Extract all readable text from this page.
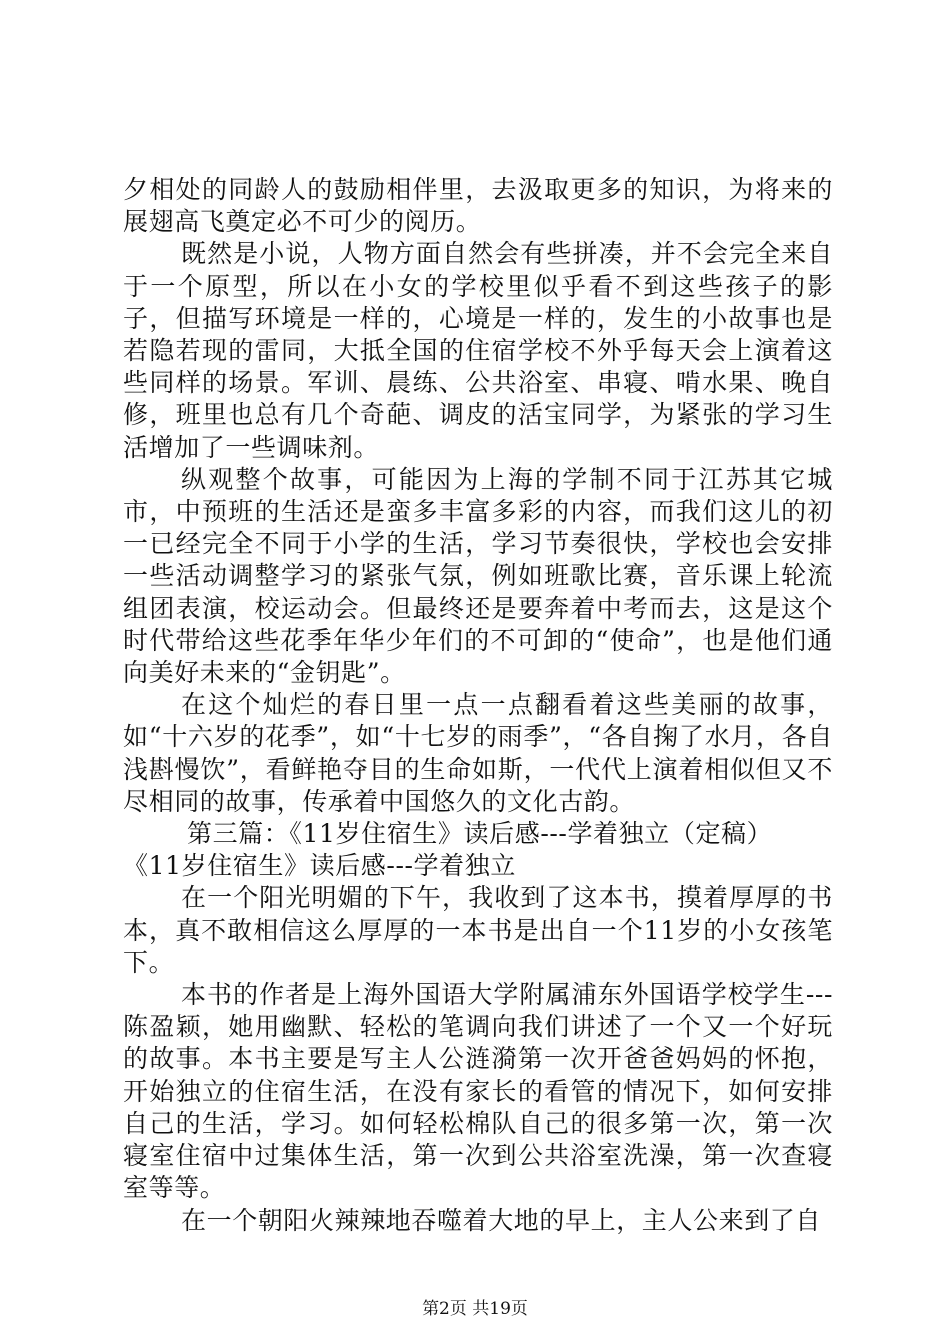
夕相处的同龄人的鼓励相伴里，去汲取更多的知识，为将来的展翅高飞奠定必不可少的阅历。

既然是小说，人物方面自然会有些拼凑，并不会完全来自于一个原型，所以在小女的学校里似乎看不到这些孩子的影子，但描写环境是一样的，心境是一样的，发生的小故事也是若隐若现的雷同，大抵全国的住宿学校不外乎每天会上演着这些同样的场景。军训、晨练、公共浴室、串寝、啃水果、晚自修，班里也总有几个奇葩、调皮的活宝同学，为紧张的学习生活增加了一些调味剂。

纵观整个故事，可能因为上海的学制不同于江苏其它城市，中预班的生活还是蛮多丰富多彩的内容，而我们这儿的初一已经完全不同于小学的生活，学习节奏很快，学校也会安排一些活动调整学习的紧张气氛，例如班歌比赛，音乐课上轮流组团表演，校运动会。但最终还是要奔着中考而去，这是这个时代带给这些花季年华少年们的不可卸的“使命”，也是他们通向美好未来的“金钥匙”。

在这个灿烂的春日里一点一点翻看着这些美丽的故事，如“十六岁的花季”，如“十七岁的雨季”，“各自掬了水月，各自浅斟慢饮”，看鲜艳夺目的生命如斯，一代代上演着相似但又不尽相同的故事，传承着中国悠久的文化古韵。

第三篇：《11岁住宿生》读后感---学着独立（定稿）

《11岁住宿生》读后感---学着独立

在一个阳光明媚的下午，我收到了这本书，摸着厚厚的书本，真不敢相信这么厚厚的一本书是出自一个11岁的小女孩笔下。

本书的作者是上海外国语大学附属浦东外国语学校学生---陈盈颖，她用幽默、轻松的笔调向我们讲述了一个又一个好玩的故事。本书主要是写主人公涟漪第一次开爸爸妈妈的怀抱，开始独立的住宿生活，在没有家长的看管的情况下，如何安排自己的生活，学习。如何轻松棉队自己的很多第一次，第一次寝室住宿中过集体生活，第一次到公共浴室洗澡，第一次查寝室等等。

在一个朝阳火辣辣地吞噬着大地的早上，主人公来到了自

第2页 共19页
